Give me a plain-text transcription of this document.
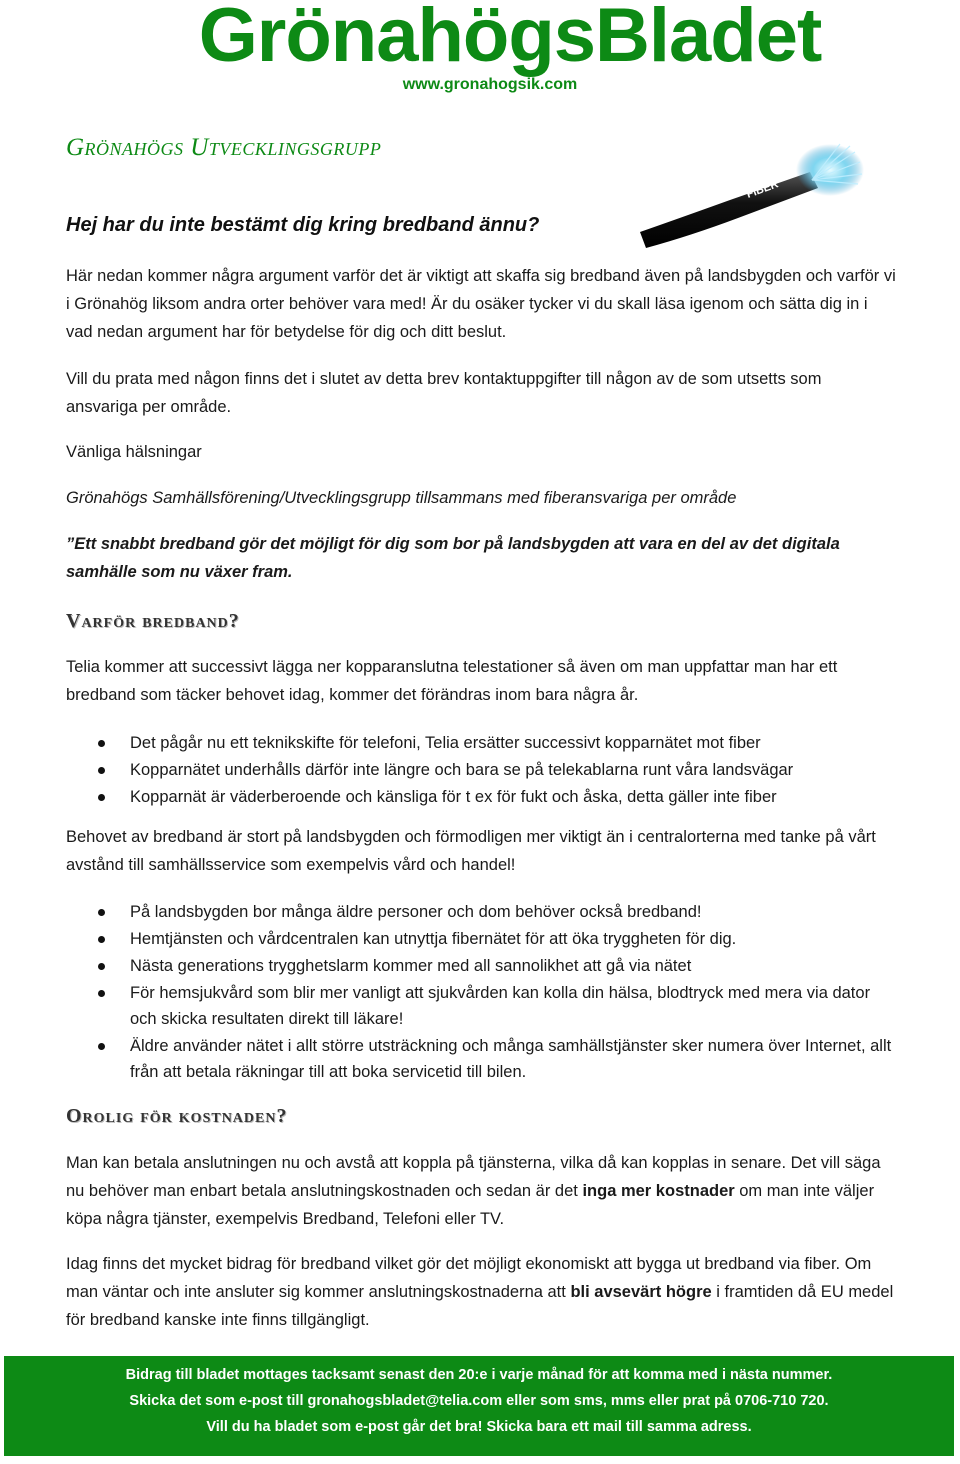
GrönahögsBladet
www.gronahogsik.com
Grönahögs Utvecklingsgrupp
FIBER
Hej har du inte bestämt dig kring bredband ännu?

Här nedan kommer några argument varför det är viktigt att skaffa sig bredband även på landsbygden och varför vi i Grönahög liksom andra orter behöver vara med! Är du osäker tycker vi du skall läsa igenom och sätta dig in i vad nedan argument har för betydelse för dig och ditt beslut.

Vill du prata med någon finns det i slutet av detta brev kontaktuppgifter till någon av de som utsetts som ansvariga per område.

Vänliga hälsningar

Grönahögs Samhällsförening/Utvecklingsgrupp tillsammans med fiberansvariga per område

”Ett snabbt bredband gör det möjligt för dig som bor på landsbygden att vara en del av det digitala samhälle som nu växer fram.

Varför bredband?

Telia kommer att successivt lägga ner kopparanslutna telestationer så även om man uppfattar man har ett bredband som täcker behovet idag, kommer det förändras inom bara några år.

Det pågår nu ett teknikskifte för telefoni, Telia ersätter successivt kopparnätet mot fiber
Kopparnätet underhålls därför inte längre och bara se på telekablarna runt våra landsvägar
Kopparnät är väderberoende och känsliga för t ex för fukt och åska, detta gäller inte fiber

Behovet av bredband är stort på landsbygden och förmodligen mer viktigt än i centralorterna med tanke på vårt avstånd till samhällsservice som exempelvis vård och handel!

På landsbygden bor många äldre personer och dom behöver också bredband!
Hemtjänsten och vårdcentralen kan utnyttja fibernätet för att öka tryggheten för dig.
Nästa generations trygghetslarm kommer med all sannolikhet att gå via nätet
För hemsjukvård som blir mer vanligt att sjukvården kan kolla din hälsa, blodtryck med mera via dator och skicka resultaten direkt till läkare!
Äldre använder nätet i allt större utsträckning och många samhällstjänster sker numera över Internet, allt från att betala räkningar till att boka servicetid till bilen.
Orolig för kostnaden?

Man kan betala anslutningen nu och avstå att koppla på tjänsterna, vilka då kan kopplas in senare. Det vill säga nu behöver man enbart betala anslutningskostnaden och sedan är det inga mer kostnader om man inte väljer köpa några tjänster, exempelvis Bredband, Telefoni eller TV.

Idag finns det mycket bidrag för bredband vilket gör det möjligt ekonomiskt att bygga ut bredband via fiber. Om man väntar och inte ansluter sig kommer anslutningskostnaderna att bli avsevärt högre i framtiden då EU medel för bredband kanske inte finns tillgängligt.

Bidrag till bladet mottages tacksamt senast den 20:e i varje månad för att komma med i nästa nummer.
Skicka det som e-post till gronahogsbladet@telia.com eller som sms, mms eller prat på 0706-710 720.
Vill du ha bladet som e-post går det bra! Skicka bara ett mail till samma adress.
